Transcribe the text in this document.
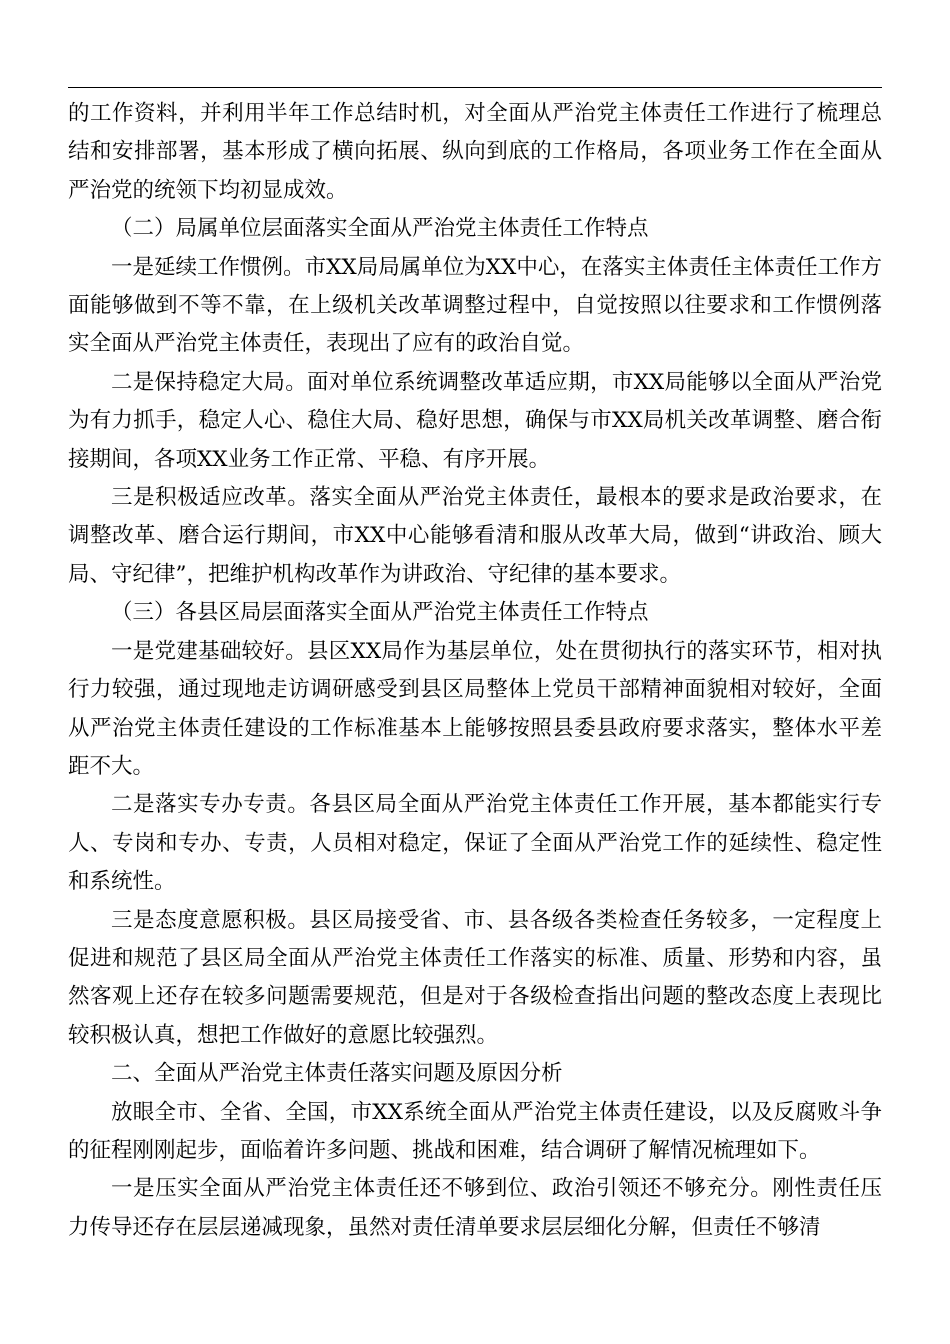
的工作资料，并利用半年工作总结时机，对全面从严治党主体责任工作进行了梳理总结和安排部署，基本形成了横向拓展、纵向到底的工作格局，各项业务工作在全面从严治党的统领下均初显成效。

（二）局属单位层面落实全面从严治党主体责任工作特点

一是延续工作惯例。市XX局局属单位为XX中心，在落实主体责任主体责任工作方面能够做到不等不靠，在上级机关改革调整过程中，自觉按照以往要求和工作惯例落实全面从严治党主体责任，表现出了应有的政治自觉。

二是保持稳定大局。面对单位系统调整改革适应期，市XX局能够以全面从严治党为有力抓手，稳定人心、稳住大局、稳好思想，确保与市XX局机关改革调整、磨合衔接期间，各项XX业务工作正常、平稳、有序开展。

三是积极适应改革。落实全面从严治党主体责任，最根本的要求是政治要求，在调整改革、磨合运行期间，市XX中心能够看清和服从改革大局，做到“讲政治、顾大局、守纪律”，把维护机构改革作为讲政治、守纪律的基本要求。

（三）各县区局层面落实全面从严治党主体责任工作特点

一是党建基础较好。县区XX局作为基层单位，处在贯彻执行的落实环节，相对执行力较强，通过现地走访调研感受到县区局整体上党员干部精神面貌相对较好，全面从严治党主体责任建设的工作标准基本上能够按照县委县政府要求落实，整体水平差距不大。

二是落实专办专责。各县区局全面从严治党主体责任工作开展，基本都能实行专人、专岗和专办、专责，人员相对稳定，保证了全面从严治党工作的延续性、稳定性和系统性。

三是态度意愿积极。县区局接受省、市、县各级各类检查任务较多，一定程度上促进和规范了县区局全面从严治党主体责任工作落实的标准、质量、形势和内容，虽然客观上还存在较多问题需要规范，但是对于各级检查指出问题的整改态度上表现比较积极认真，想把工作做好的意愿比较强烈。

二、全面从严治党主体责任落实问题及原因分析

放眼全市、全省、全国，市XX系统全面从严治党主体责任建设，以及反腐败斗争的征程刚刚起步，面临着许多问题、挑战和困难，结合调研了解情况梳理如下。

一是压实全面从严治党主体责任还不够到位、政治引领还不够充分。刚性责任压力传导还存在层层递减现象，虽然对责任清单要求层层细化分解，但责任不够清
